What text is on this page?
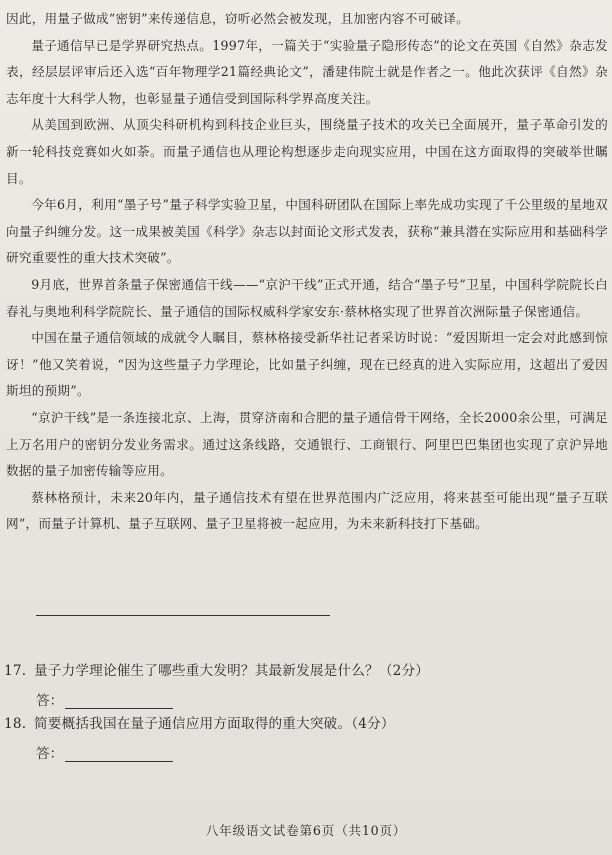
因此，用量子做成“密钥”来传递信息，窃听必然会被发现，且加密内容不可破译。

量子通信早已是学界研究热点。1997年，一篇关于“实验量子隐形传态”的论文在英国《自然》杂志发表，经层层评审后还入选“百年物理学21篇经典论文”，潘建伟院士就是作者之一。他此次获评《自然》杂志年度十大科学人物，也彰显量子通信受到国际科学界高度关注。

从美国到欧洲、从顶尖科研机构到科技企业巨头，围绕量子技术的攻关已全面展开，量子革命引发的新一轮科技竞赛如火如荼。而量子通信也从理论构想逐步走向现实应用，中国在这方面取得的突破举世瞩目。

今年6月，利用“墨子号”量子科学实验卫星，中国科研团队在国际上率先成功实现了千公里级的星地双向量子纠缠分发。这一成果被美国《科学》杂志以封面论文形式发表，获称“兼具潜在实际应用和基础科学研究重要性的重大技术突破”。

9月底，世界首条量子保密通信干线——“京沪干线”正式开通，结合“墨子号”卫星，中国科学院院长白春礼与奥地利科学院院长、量子通信的国际权威科学家安东·蔡林格实现了世界首次洲际量子保密通信。

中国在量子通信领域的成就令人瞩目，蔡林格接受新华社记者采访时说：“爱因斯坦一定会对此感到惊讶！”他又笑着说，“因为这些量子力学理论，比如量子纠缠，现在已经真的进入实际应用，这超出了爱因斯坦的预期”。

“京沪干线”是一条连接北京、上海，贯穿济南和合肥的量子通信骨干网络，全长2000余公里，可满足上万名用户的密钥分发业务需求。通过这条线路，交通银行、工商银行、阿里巴巴集团也实现了京沪异地数据的量子加密传输等应用。

蔡林格预计，未来20年内，量子通信技术有望在世界范围内广泛应用，将来甚至可能出现“量子互联网”，而量子计算机、量子互联网、量子卫星将被一起应用，为未来新科技打下基础。

17. 量子力学理论催生了哪些重大发明？其最新发展是什么？（2分）
答：
18. 简要概括我国在量子通信应用方面取得的重大突破。（4分）
答：
八年级语文试卷第6页（共10页）
